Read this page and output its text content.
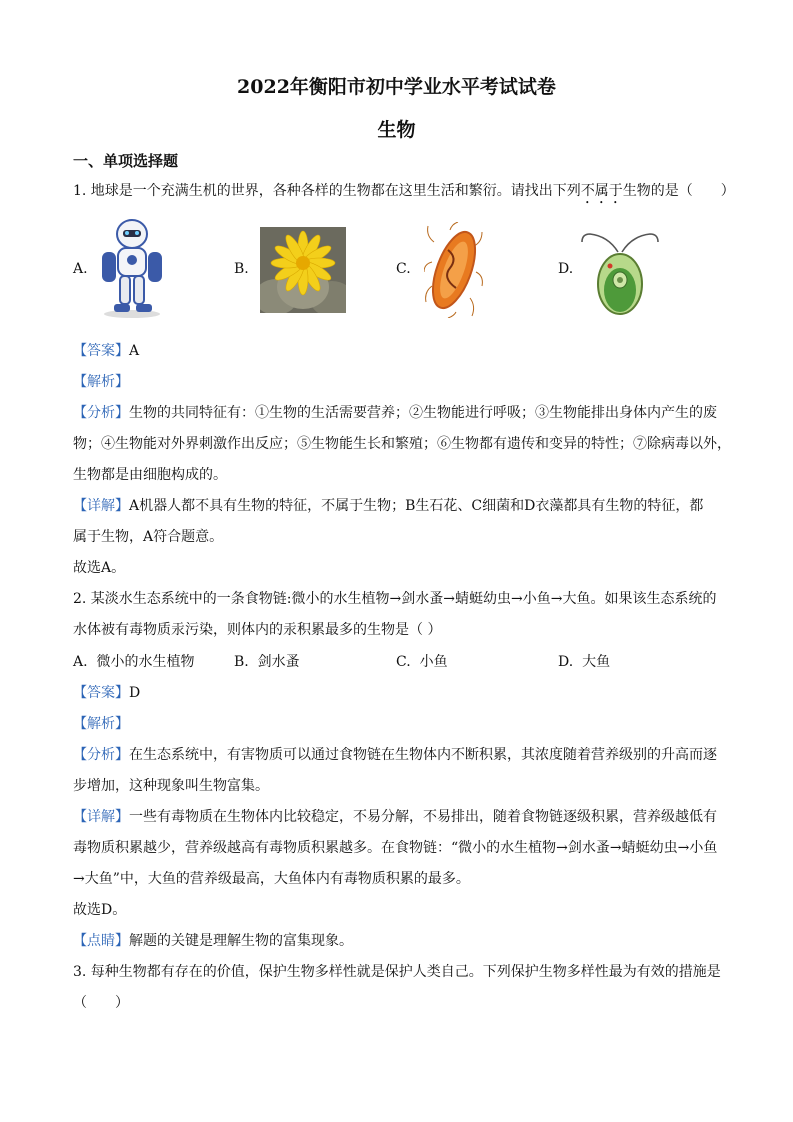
2022年衡阳市初中学业水平考试试卷
生物
一、单项选择题
1. 地球是一个充满生机的世界，各种各样的生物都在这里生活和繁衍。请找出下列不属于生物的是（　　）
A.	B.	C.	D.
【答案】A
【解析】
【分析】生物的共同特征有：①生物的生活需要营养；②生物能进行呼吸；③生物能排出身体内产生的废
物；④生物能对外界刺激作出反应；⑤生物能生长和繁殖；⑥生物都有遗传和变异的特性；⑦除病毒以外，
生物都是由细胞构成的。
【详解】A机器人都不具有生物的特征，不属于生物；B生石花、C细菌和D衣藻都具有生物的特征，都
属于生物，A符合题意。
故选A。
2. 某淡水生态系统中的一条食物链:微小的水生植物→剑水蚤→蜻蜓幼虫→小鱼→大鱼。如果该生态系统的
水体被有毒物质汞污染，则体内的汞积累最多的生物是（ ）
A. 微小的水生植物	B. 剑水蚤	C. 小鱼	D. 大鱼
【答案】D
【解析】
【分析】在生态系统中，有害物质可以通过食物链在生物体内不断积累，其浓度随着营养级别的升高而逐
步增加，这种现象叫生物富集。
【详解】一些有毒物质在生物体内比较稳定，不易分解，不易排出，随着食物链逐级积累，营养级越低有
毒物质积累越少，营养级越高有毒物质积累越多。在食物链：“微小的水生植物→剑水蚤→蜻蜓幼虫→小鱼
→大鱼”中，大鱼的营养级最高，大鱼体内有毒物质积累的最多。
故选D。
【点睛】解题的关键是理解生物的富集现象。
3. 每种生物都有存在的价值，保护生物多样性就是保护人类自己。下列保护生物多样性最为有效的措施是
（　　）
